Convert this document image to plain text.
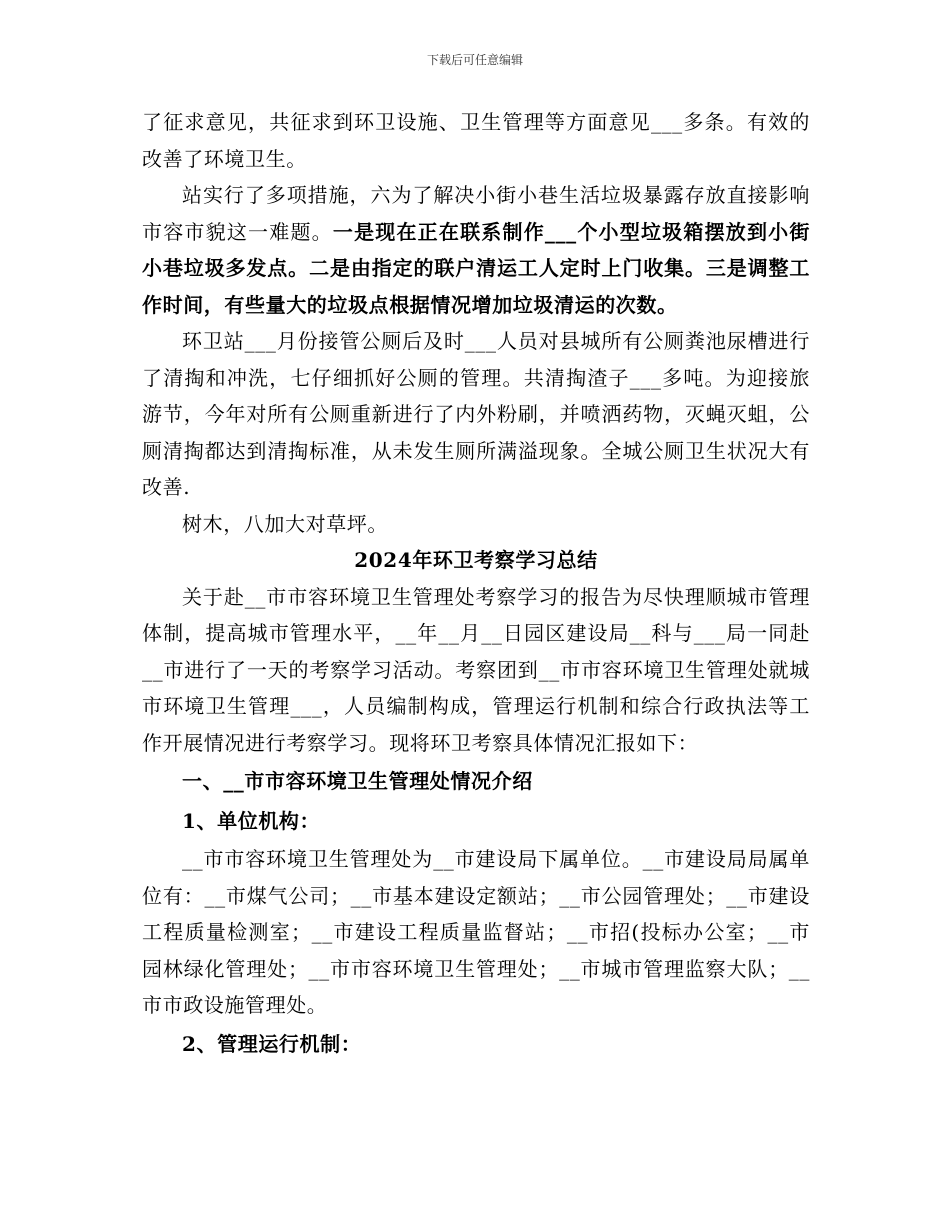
下载后可任意编辑

了征求意见，共征求到环卫设施、卫生管理等方面意见___多条。有效的改善了环境卫生。

站实行了多项措施，六为了解决小街小巷生活垃圾暴露存放直接影响市容市貌这一难题。一是现在正在联系制作___个小型垃圾箱摆放到小街小巷垃圾多发点。二是由指定的联户清运工人定时上门收集。三是调整工作时间，有些量大的垃圾点根据情况增加垃圾清运的次数。

环卫站___月份接管公厕后及时___人员对县城所有公厕粪池尿槽进行了清掏和冲洗，七仔细抓好公厕的管理。共清掏渣子___多吨。为迎接旅游节，今年对所有公厕重新进行了内外粉刷，并喷洒药物，灭蝇灭蛆，公厕清掏都达到清掏标准，从未发生厕所满溢现象。全城公厕卫生状况大有改善.

树木，八加大对草坪。

2024年环卫考察学习总结

关于赴__市市容环境卫生管理处考察学习的报告为尽快理顺城市管理体制，提高城市管理水平，__年__月__日园区建设局__科与___局一同赴__市进行了一天的考察学习活动。考察团到__市市容环境卫生管理处就城市环境卫生管理___，人员编制构成，管理运行机制和综合行政执法等工作开展情况进行考察学习。现将环卫考察具体情况汇报如下：

一、__市市容环境卫生管理处情况介绍

1、单位机构：

__市市容环境卫生管理处为__市建设局下属单位。__市建设局局属单位有：__市煤气公司；__市基本建设定额站；__市公园管理处；__市建设工程质量检测室；__市建设工程质量监督站；__市招(投标办公室；__市园林绿化管理处；__市市容环境卫生管理处；__市城市管理监察大队；__市市政设施管理处。

2、管理运行机制：
